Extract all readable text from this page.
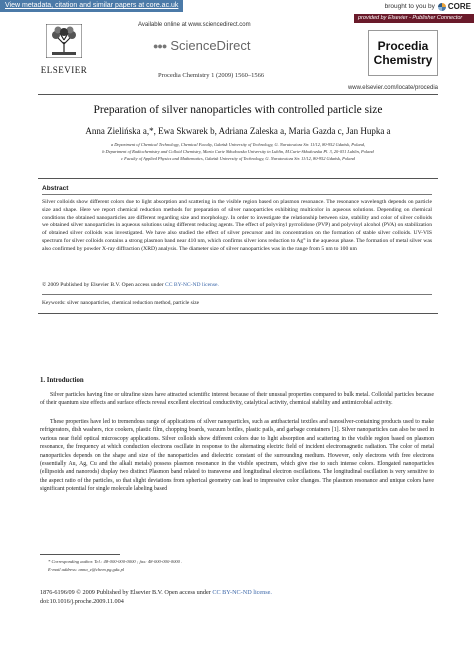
View metadata, citation and similar papers at core.ac.uk	brought to you by CORE
provided by Elsevier - Publisher Connector
ELSEVIER
Available online at www.sciencedirect.com
●●● ScienceDirect
Procedia Chemistry 1 (2009) 1560–1566
Procedia
Chemistry
www.elsevier.com/locate/procedia
Preparation of silver nanoparticles with controlled particle size
Anna Zielińska a,*, Ewa Skwarek b, Adriana Zaleska a, Maria Gazda c, Jan Hupka a
a Department of Chemical Technology, Chemical Faculty, Gdańsk University of Technology, G. Narutowicza Str. 11/12, 80-952 Gdańsk, Poland,
b Department of Radiochemistry and Colloid Chemistry, Maria Curie Skłodowska University in Lublin, M.Curie-Skłodowska Pl. 3, 20-031 Lublin, Poland
c Faculty of Applied Physics and Mathematics, Gdańsk University of Technology, G. Narutowicza Str. 11/12, 80-952 Gdańsk, Poland
Abstract

Silver colloids show different colors due to light absorption and scattering in the visible region based on plasmon resonance. The resonance wavelength depends on particle size and shape. Here we report chemical reduction methods for preparation of silver nanoparticles exhibiting multicolor in aqueous solutions. Depending on chemical conditions the obtained nanoparticles are different regarding size and morphology. In order to investigate the relationship between size, stability and color of silver colloids we obtained silver nanoparticles in aqueous solutions using different reducing agents. The effect of polyvinyl pyrrolidone (PVP) and polyvinyl alcohol (PVA) on stabilization of obtained silver colloids was investigated. We have also studied the effect of silver precursor and its concentration on the formation of stable silver colloids. UV-VIS spectrum for silver colloids contains a strong plasmon band near 410 nm, which confirms silver ions reduction to Ag° in the aqueous phase. The formation of metal silver was also confirmed by powder X-ray diffraction (XRD) analysis. The diameter size of silver nanoparticles was in the range from 5 nm to 100 nm

© 2009 Published by Elsevier B.V. Open access under CC BY-NC-ND license.
Keywords: silver nanoparticles, chemical reduction method, particle size
1. Introduction

Silver particles having fine or ultrafine sizes have attracted scientific interest because of their unusual properties compared to bulk metal. Colloidal particles because of their quantum size effects and surface effects reveal excellent electrical conductivity, catalytical activity, chemical stability and antimicrobial activity.

These properties have led to tremendous range of applications of silver nanoparticles, such as antibacterial textiles and nanosilver-containing products used to make refrigerators, dish washers, rice cookers, plastic film, chopping boards, vacuum bottles, plastic pails, and garbage containers [1]. Silver nanoparticles can also be used in various near field optical microscopy applications. Silver colloids show different colors due to light absorption and scattering in the visible region based on plasmon resonance, the frequency at which conduction electrons oscillate in response to the alternating electric field of incident electromagnetic radiation. The color of metal nanoparticles depends on the shape and size of the nanoparticles and dielectric constant of the surrounding medium. However, only electrons with free electrons (essentially Au, Ag, Cu and the alkali metals) possess plasmon resonance in the visible spectrum, which give rise to such intense colors. Elongated nanoparticles (ellipsoids and nanorods) display two distinct Plasmon band related to transverse and longitudinal electron oscillations. The longitudinal oscillation is very sensitive to the aspect ratio of the particles, so that slight deviations from spherical geometry can lead to impressive color changes. The plasmon resonance and unique colors have significant potential for single molecule labeling based

* Corresponding author. Tel.: 48-000-000-0000 ; fax: 48-000-000-0000 .
E-mail address: anna_z@chem.pg.gda.pl
1876-6196/09 © 2009 Published by Elsevier B.V. Open access under CC BY-NC-ND license.
doi:10.1016/j.proche.2009.11.004
